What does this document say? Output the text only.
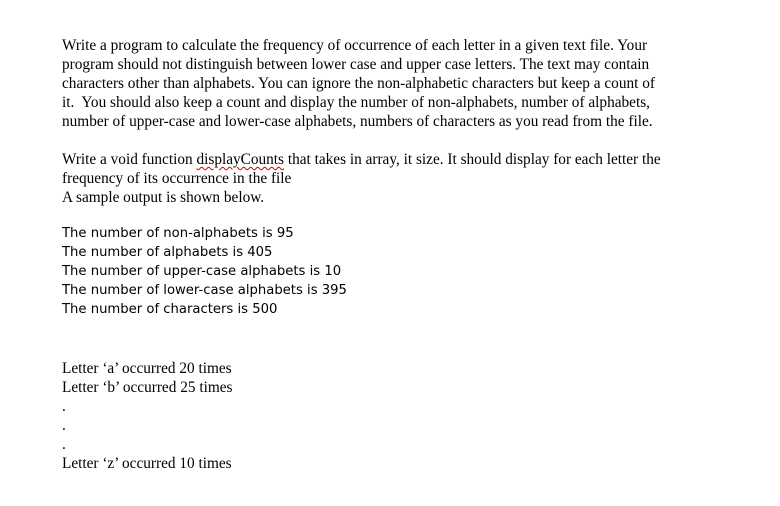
Write a program to calculate the frequency of occurrence of each letter in a given text file. Your

program should not distinguish between lower case and upper case letters. The text may contain

characters other than alphabets. You can ignore the non-alphabetic characters but keep a count of

it.  You should also keep a count and display the number of non-alphabets, number of alphabets,

number of upper-case and lower-case alphabets, numbers of characters as you read from the file.

Write a void function displayCounts that takes in array, it size. It should display for each letter the

frequency of its occurrence in the file

A sample output is shown below.

The number of non-alphabets is 95

The number of alphabets is 405

The number of upper-case alphabets is 10

The number of lower-case alphabets is 395

The number of characters is 500

Letter ‘a’ occurred 20 times

Letter ‘b’ occurred 25 times

.

.

.

Letter ‘z’ occurred 10 times
